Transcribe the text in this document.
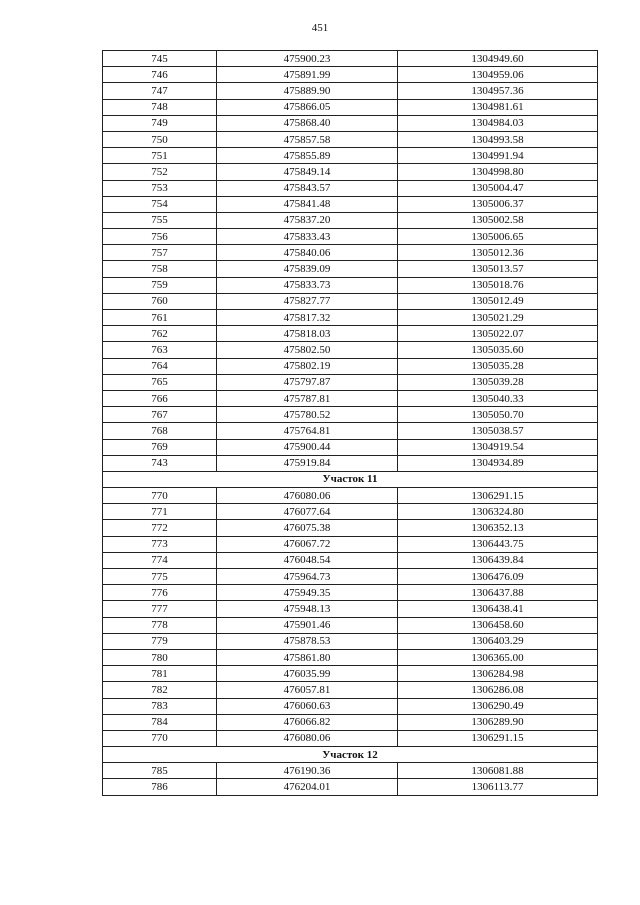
451
745	475900.23	1304949.60
746	475891.99	1304959.06
747	475889.90	1304957.36
748	475866.05	1304981.61
749	475868.40	1304984.03
750	475857.58	1304993.58
751	475855.89	1304991.94
752	475849.14	1304998.80
753	475843.57	1305004.47
754	475841.48	1305006.37
755	475837.20	1305002.58
756	475833.43	1305006.65
757	475840.06	1305012.36
758	475839.09	1305013.57
759	475833.73	1305018.76
760	475827.77	1305012.49
761	475817.32	1305021.29
762	475818.03	1305022.07
763	475802.50	1305035.60
764	475802.19	1305035.28
765	475797.87	1305039.28
766	475787.81	1305040.33
767	475780.52	1305050.70
768	475764.81	1305038.57
769	475900.44	1304919.54
743	475919.84	1304934.89
Участок 11		
770	476080.06	1306291.15
771	476077.64	1306324.80
772	476075.38	1306352.13
773	476067.72	1306443.75
774	476048.54	1306439.84
775	475964.73	1306476.09
776	475949.35	1306437.88
777	475948.13	1306438.41
778	475901.46	1306458.60
779	475878.53	1306403.29
780	475861.80	1306365.00
781	476035.99	1306284.98
782	476057.81	1306286.08
783	476060.63	1306290.49
784	476066.82	1306289.90
770	476080.06	1306291.15
Участок 12		
785	476190.36	1306081.88
786	476204.01	1306113.77
